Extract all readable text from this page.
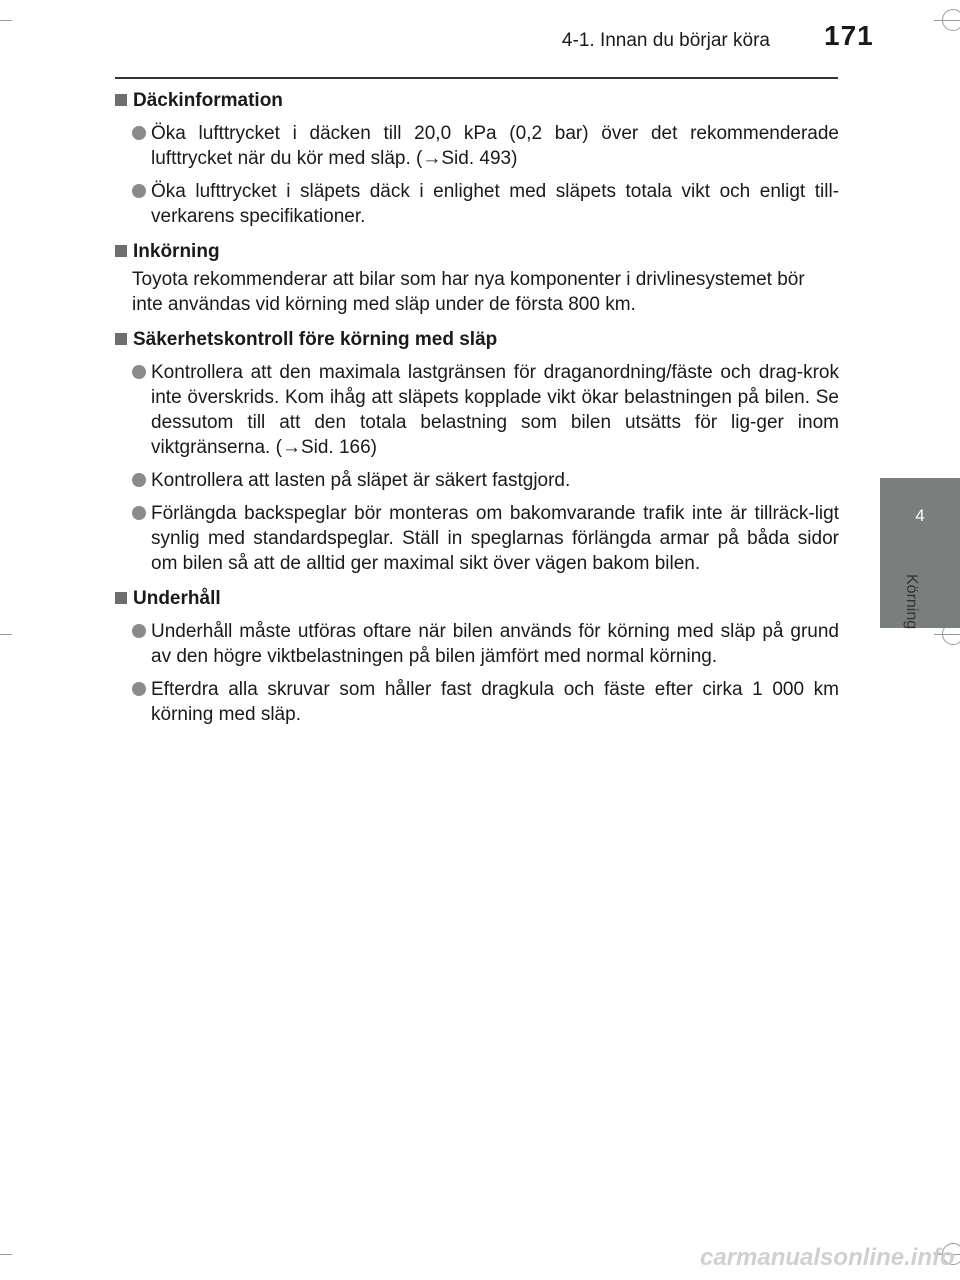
4-1. Innan du börjar köra 171
4
Körning
Däckinformation
Öka lufttrycket i däcken till 20,0 kPa (0,2 bar) över det rekommenderade lufttrycket när du kör med släp. (→Sid. 493)
Öka lufttrycket i släpets däck i enlighet med släpets totala vikt och enligt till-verkarens specifikationer.
Inkörning
Toyota rekommenderar att bilar som har nya komponenter i drivlinesystemet bör inte användas vid körning med släp under de första 800 km.
Säkerhetskontroll före körning med släp
Kontrollera att den maximala lastgränsen för draganordning/fäste och drag-krok inte överskrids. Kom ihåg att släpets kopplade vikt ökar belastningen på bilen. Se dessutom till att den totala belastning som bilen utsätts för lig-ger inom viktgränserna. (→Sid. 166)
Kontrollera att lasten på släpet är säkert fastgjord.
Förlängda backspeglar bör monteras om bakomvarande trafik inte är tillräck-ligt synlig med standardspeglar. Ställ in speglarnas förlängda armar på båda sidor om bilen så att de alltid ger maximal sikt över vägen bakom bilen.
Underhåll
Underhåll måste utföras oftare när bilen används för körning med släp på grund av den högre viktbelastningen på bilen jämfört med normal körning.
Efterdra alla skruvar som håller fast dragkula och fäste efter cirka 1 000 km körning med släp.
carmanualsonline.info
